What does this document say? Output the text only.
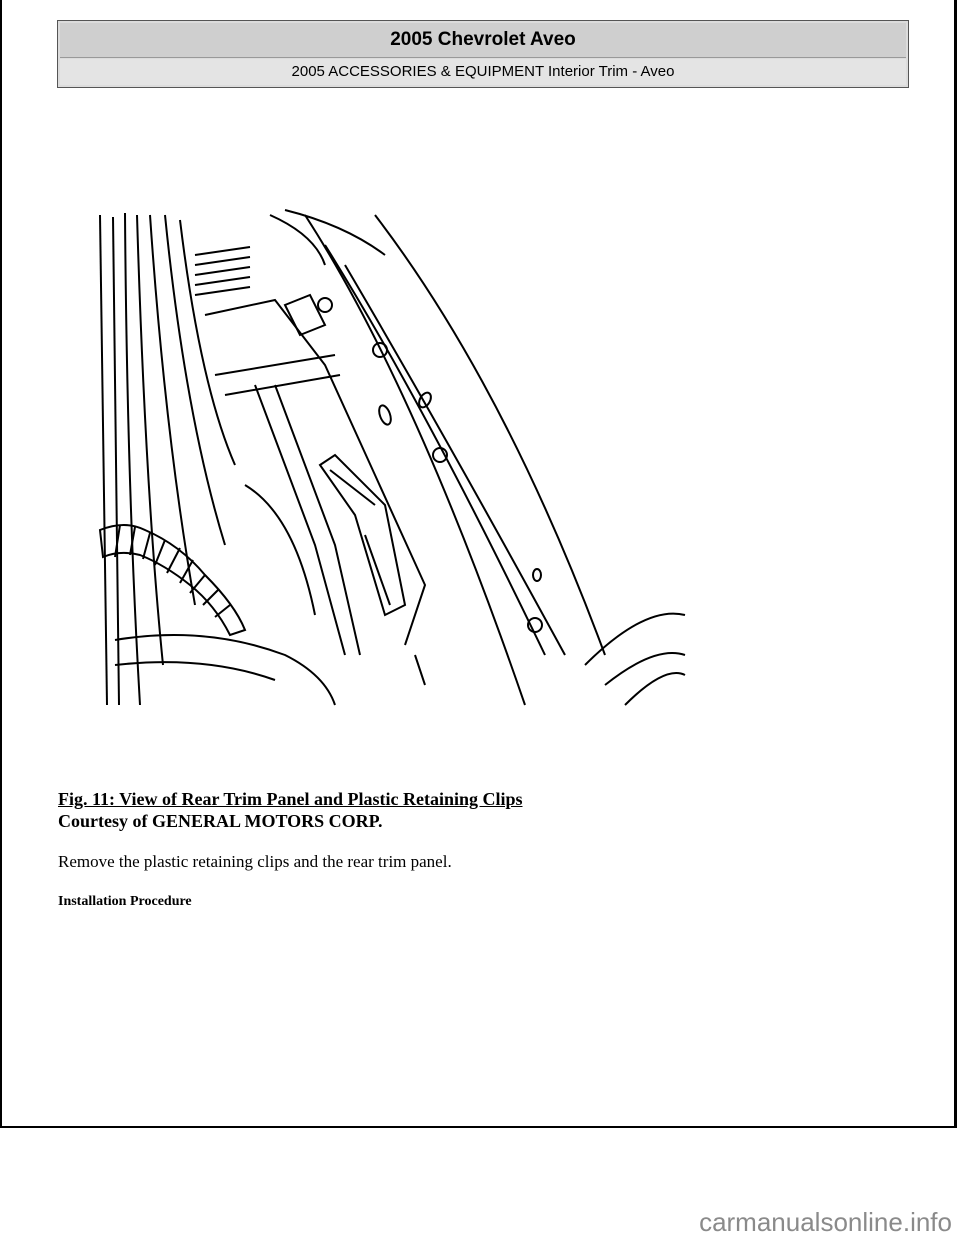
2005 Chevrolet Aveo
2005 ACCESSORIES & EQUIPMENT Interior Trim - Aveo
Fig. 11: View of Rear Trim Panel and Plastic Retaining Clips
Courtesy of GENERAL MOTORS CORP.
Remove the plastic retaining clips and the rear trim panel.
Installation Procedure
carmanualsonline.info
